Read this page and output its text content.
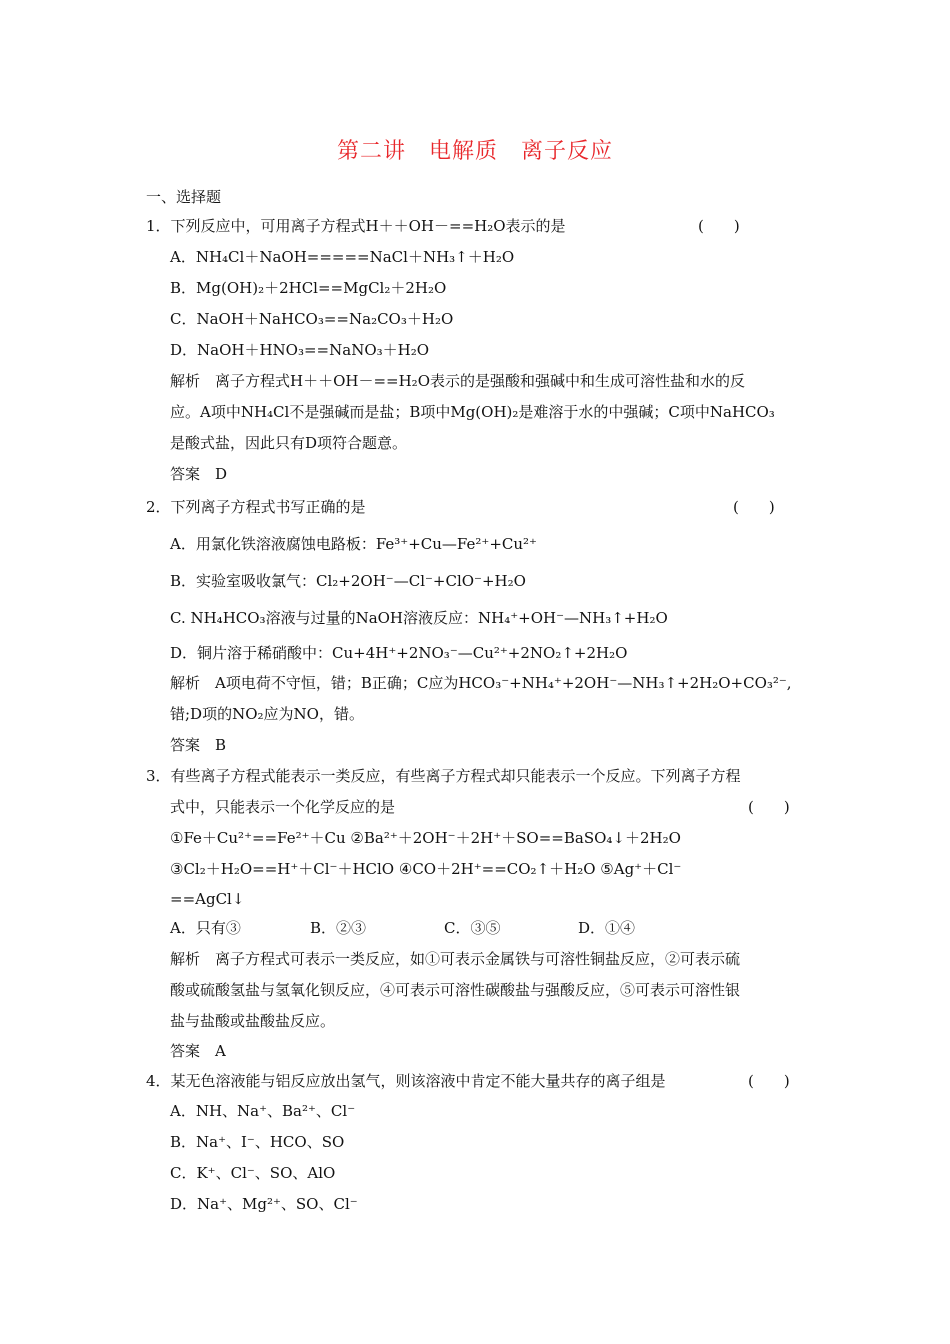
第二讲　电解质　离子反应
一、选择题
1．下列反应中，可用离子方程式H＋＋OH－==H₂O表示的是	(　　)
A．NH₄Cl＋NaOH=====NaCl＋NH₃↑＋H₂O
B．Mg(OH)₂＋2HCl==MgCl₂＋2H₂O
C．NaOH＋NaHCO₃==Na₂CO₃＋H₂O
D．NaOH＋HNO₃==NaNO₃＋H₂O
解析　离子方程式H＋＋OH－==H₂O表示的是强酸和强碱中和生成可溶性盐和水的反
应。A项中NH₄Cl不是强碱而是盐；B项中Mg(OH)₂是难溶于水的中强碱；C项中NaHCO₃
是酸式盐，因此只有D项符合题意。
答案　D
2．下列离子方程式书写正确的是	(　　)
A．用氯化铁溶液腐蚀电路板：Fe³⁺+Cu—Fe²⁺+Cu²⁺
B．实验室吸收氯气：Cl₂+2OH⁻—Cl⁻+ClO⁻+H₂O
C. NH₄HCO₃溶液与过量的NaOH溶液反应：NH₄⁺+OH⁻—NH₃↑+H₂O
D．铜片溶于稀硝酸中：Cu+4H⁺+2NO₃⁻—Cu²⁺+2NO₂↑+2H₂O
解析　A项电荷不守恒，错；B正确；C应为HCO₃⁻+NH₄⁺+2OH⁻—NH₃↑+2H₂O+CO₃²⁻,
错;D项的NO₂应为NO，错。
答案　B
3．有些离子方程式能表示一类反应，有些离子方程式却只能表示一个反应。下列离子方程
式中，只能表示一个化学反应的是	(　　)
①Fe＋Cu²⁺==Fe²⁺＋Cu ②Ba²⁺＋2OH⁻＋2H⁺＋SO==BaSO₄↓＋2H₂O
③Cl₂＋H₂O==H⁺＋Cl⁻＋HClO ④CO＋2H⁺==CO₂↑＋H₂O ⑤Ag⁺＋Cl⁻
==AgCl↓
A．只有③	B．②③	C．③⑤	D．①④
解析　离子方程式可表示一类反应，如①可表示金属铁与可溶性铜盐反应，②可表示硫
酸或硫酸氢盐与氢氧化钡反应，④可表示可溶性碳酸盐与强酸反应，⑤可表示可溶性银
盐与盐酸或盐酸盐反应。
答案　A
4．某无色溶液能与铝反应放出氢气，则该溶液中肯定不能大量共存的离子组是	(　　)
A．NH、Na⁺、Ba²⁺、Cl⁻
B．Na⁺、I⁻、HCO、SO
C．K⁺、Cl⁻、SO、AlO
D．Na⁺、Mg²⁺、SO、Cl⁻
